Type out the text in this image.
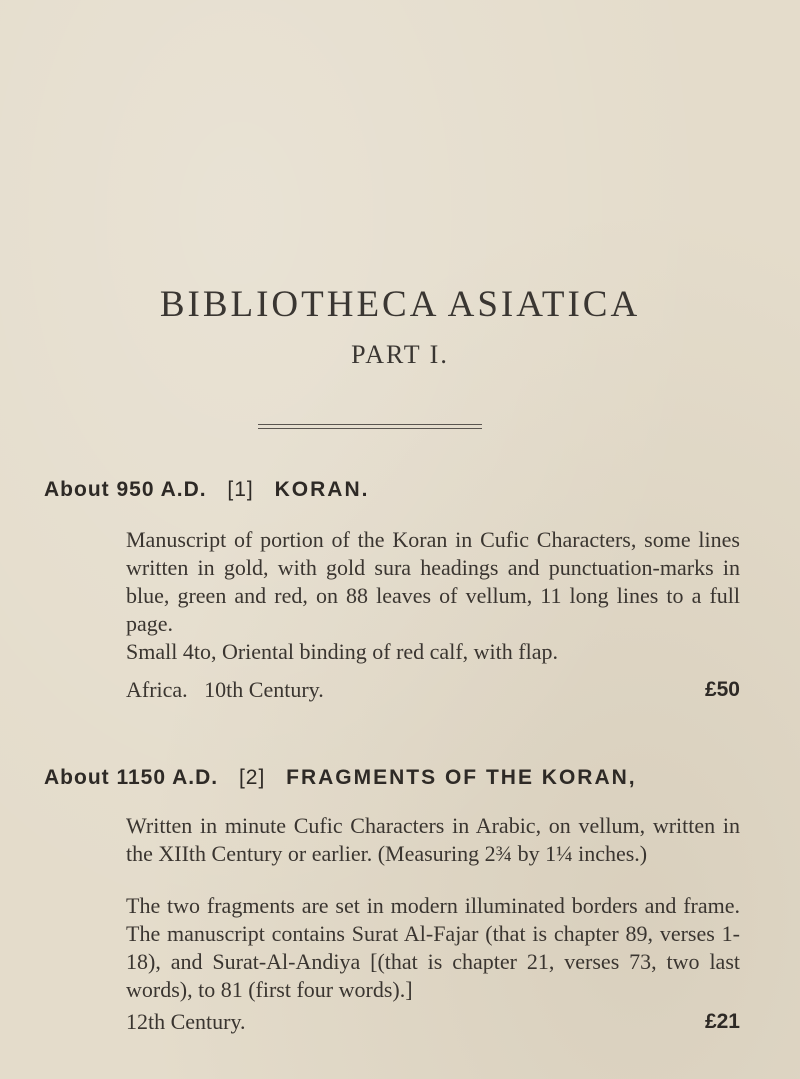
BIBLIOTHECA ASIATICA
PART I.
About 950 A.D. [1] KORAN.

Manuscript of portion of the Koran in Cufic Characters, some lines written in gold, with gold sura headings and punctuation-marks in blue, green and red, on 88 leaves of vellum, 11 long lines to a full page.

Small 4to, Oriental binding of red calf, with flap.

Africa.   10th Century.	£50
About 1150 A.D. [2] FRAGMENTS OF THE KORAN,

Written in minute Cufic Characters in Arabic, on vellum, written in the XIIth Century or earlier. (Measuring 2¾ by 1¼ inches.)

The two fragments are set in modern illuminated borders and frame. The manuscript contains Surat Al-Fajar (that is chapter 89, verses 1-18), and Surat-Al-Andiya [(that is chapter 21, verses 73, two last words), to 81 (first four words).]

12th Century.	£21
